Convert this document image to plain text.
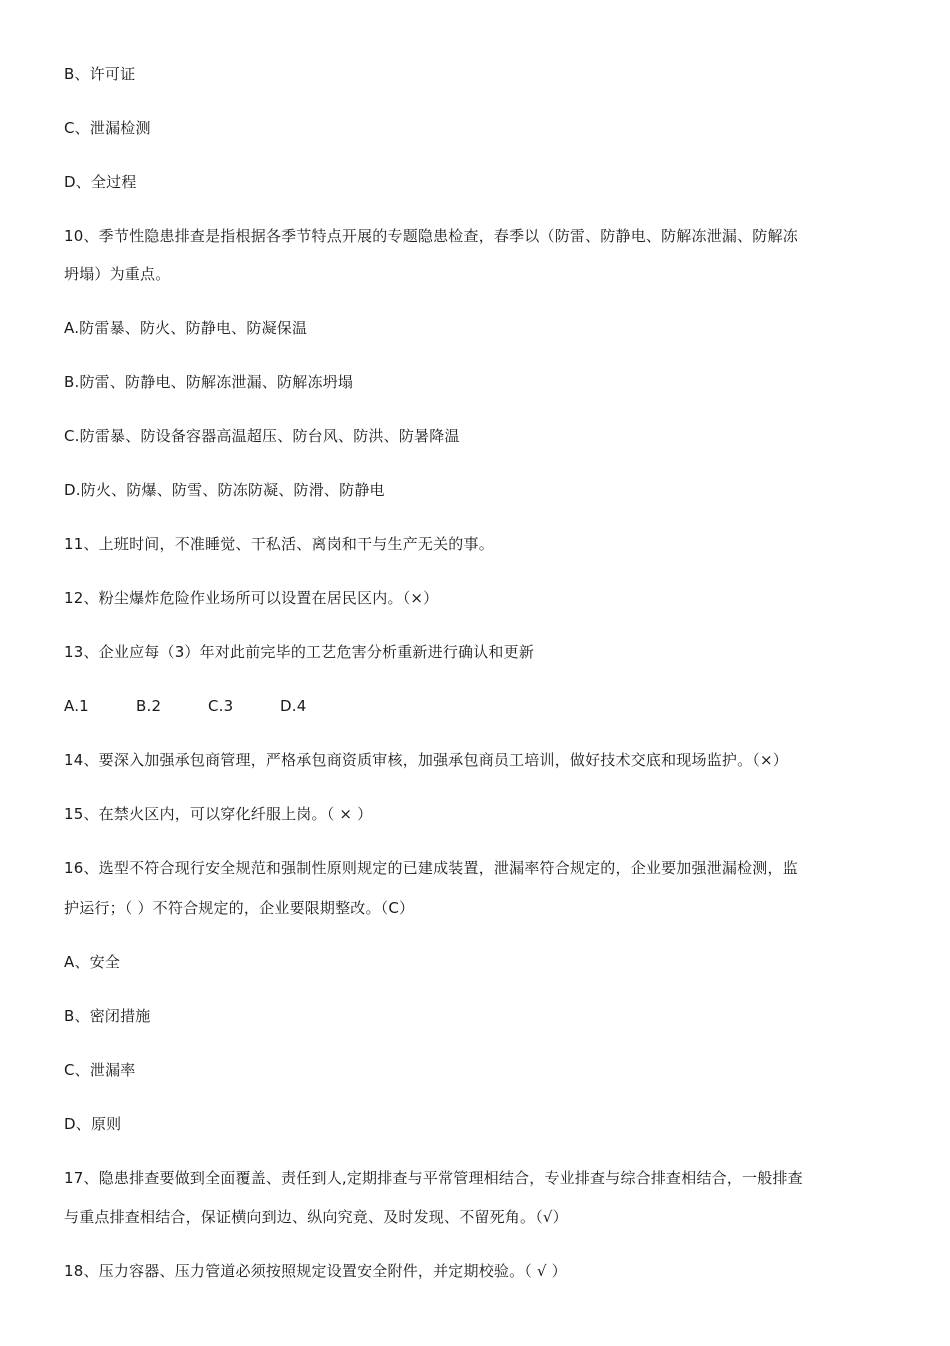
B、许可证
C、泄漏检测
D、全过程
10、季节性隐患排查是指根据各季节特点开展的专题隐患检查，春季以（防雷、防静电、防解冻泄漏、防解冻
坍塌）为重点。
A.防雷暴、防火、防静电、防凝保温
B.防雷、防静电、防解冻泄漏、防解冻坍塌
C.防雷暴、防设备容器高温超压、防台风、防洪、防暑降温
D.防火、防爆、防雪、防冻防凝、防滑、防静电
11、上班时间，不准睡觉、干私活、离岗和干与生产无关的事。
12、粉尘爆炸危险作业场所可以设置在居民区内。（×）
13、企业应每（3）年对此前完毕的工艺危害分析重新进行确认和更新
A.1	B.2	C.3	D.4
14、要深入加强承包商管理，严格承包商资质审核，加强承包商员工培训，做好技术交底和现场监护。（×）
15、在禁火区内，可以穿化纤服上岗。（ × ）
16、选型不符合现行安全规范和强制性原则规定的已建成装置，泄漏率符合规定的，企业要加强泄漏检测，监
护运行；（ ）不符合规定的，企业要限期整改。（C）
A、安全
B、密闭措施
C、泄漏率
D、原则
17、隐患排查要做到全面覆盖、责任到人,定期排查与平常管理相结合，专业排查与综合排查相结合，一般排查
与重点排查相结合，保证横向到边、纵向究竟、及时发现、不留死角。（√）
18、压力容器、压力管道必须按照规定设置安全附件，并定期校验。（ √ ）
